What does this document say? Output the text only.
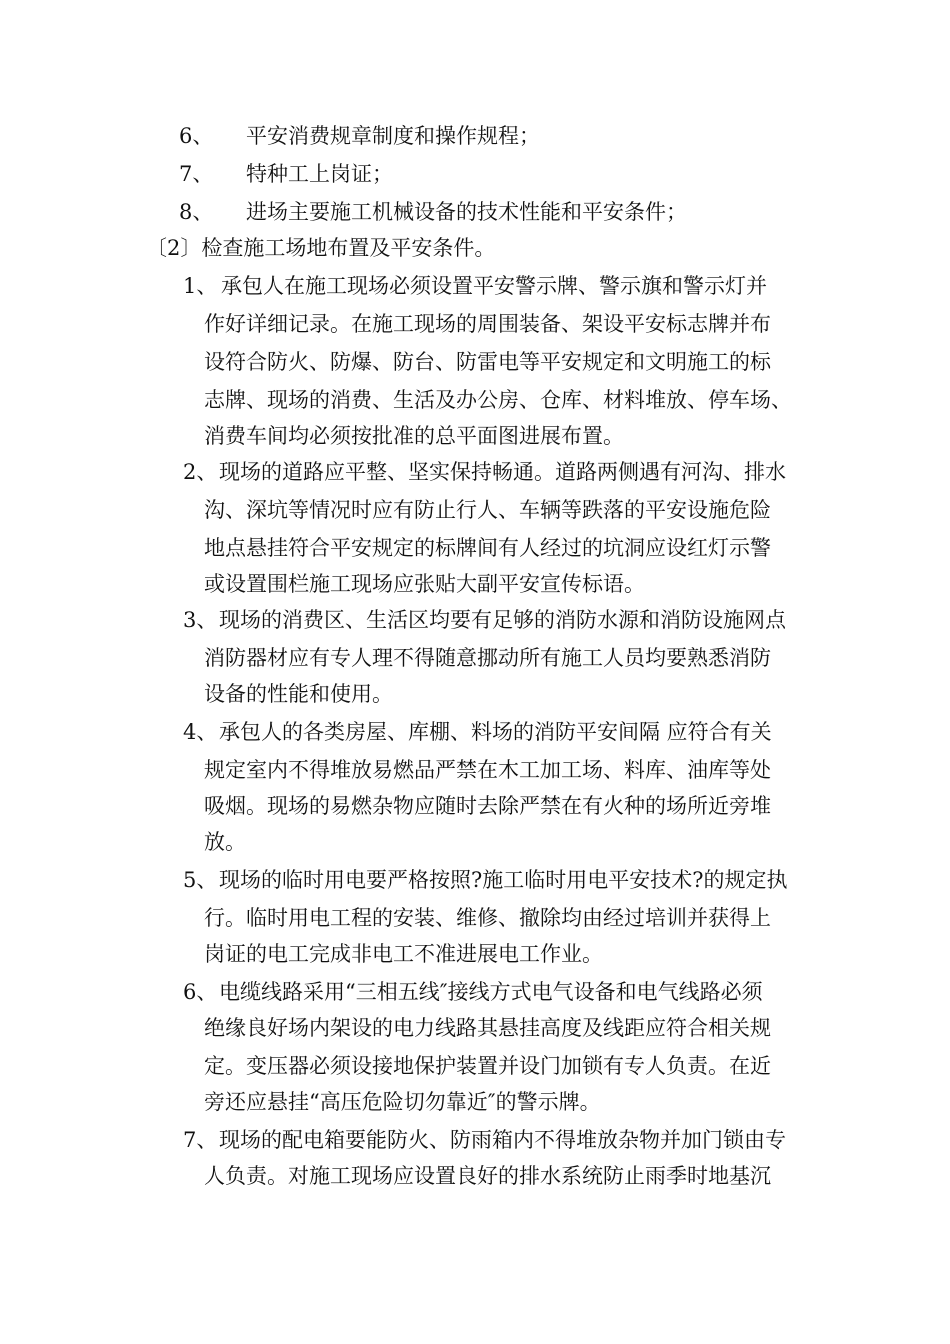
6、 平安消费规章制度和操作规程；
7、 特种工上岗证；
8、 进场主要施工机械设备的技术性能和平安条件；
〔2〕检查施工场地布置及平安条件。
1、 承包人在施工现场必须设置平安警示牌、警示旗和警示灯并
作好详细记录。在施工现场的周围装备、架设平安标志牌并布
设符合防火、防爆、防台、防雷电等平安规定和文明施工的标
志牌、现场的消费、生活及办公房、仓库、材料堆放、停车场、
消费车间均必须按批准的总平面图进展布置。
2、 现场的道路应平整、坚实保持畅通。道路两侧遇有河沟、排水
沟、深坑等情况时应有防止行人、车辆等跌落的平安设施危险
地点悬挂符合平安规定的标牌间有人经过的坑洞应设红灯示警
或设置围栏施工现场应张贴大副平安宣传标语。
3、 现场的消费区、生活区均要有足够的消防水源和消防设施网点
消防器材应有专人理不得随意挪动所有施工人员均要熟悉消防
设备的性能和使用。
4、 承包人的各类房屋、库棚、料场的消防平安间隔 应符合有关
规定室内不得堆放易燃品严禁在木工加工场、料库、油库等处
吸烟。现场的易燃杂物应随时去除严禁在有火种的场所近旁堆
放。
5、 现场的临时用电要严格按照?施工临时用电平安技术?的规定执
行。临时用电工程的安装、维修、撤除均由经过培训并获得上
岗证的电工完成非电工不准进展电工作业。
6、 电缆线路采用“三相五线″接线方式电气设备和电气线路必须
绝缘良好场内架设的电力线路其悬挂高度及线距应符合相关规
定。变压器必须设接地保护装置并设门加锁有专人负责。在近
旁还应悬挂“高压危险切勿靠近″的警示牌。
7、 现场的配电箱要能防火、防雨箱内不得堆放杂物并加门锁由专
人负责。对施工现场应设置良好的排水系统防止雨季时地基沉
